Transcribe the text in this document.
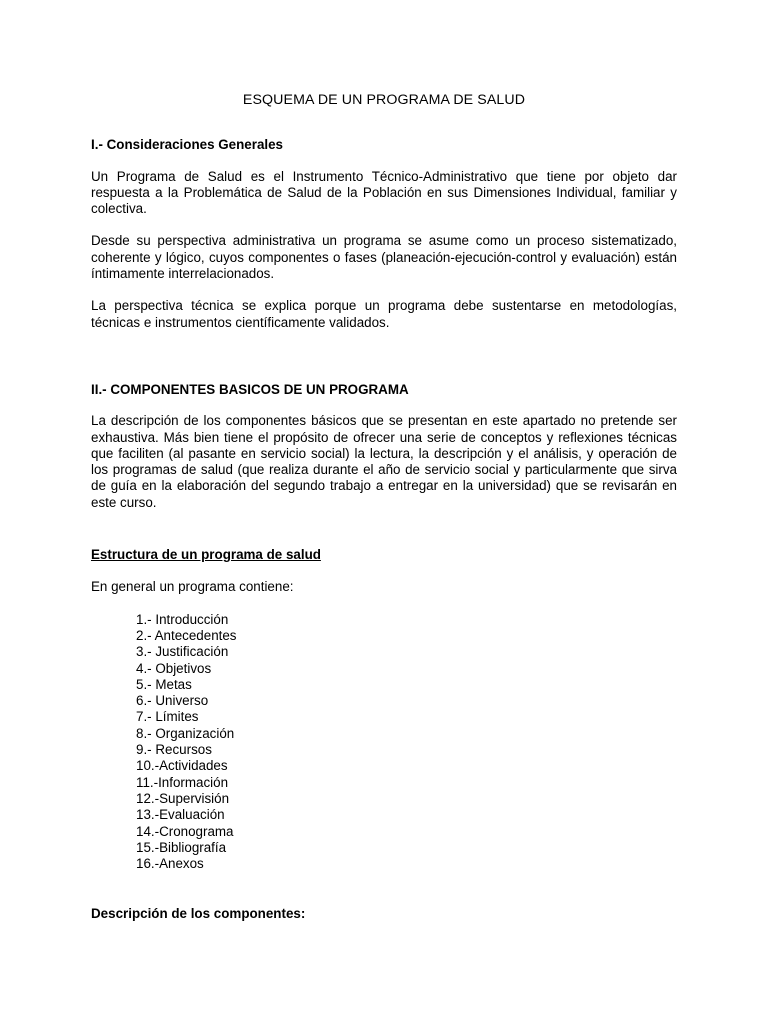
ESQUEMA DE UN PROGRAMA DE SALUD
I.- Consideraciones Generales

Un Programa de Salud es el Instrumento Técnico-Administrativo que tiene por objeto dar respuesta a la Problemática de Salud de la Población en sus Dimensiones Individual, familiar y colectiva.

Desde su perspectiva administrativa un programa se asume como un proceso sistematizado, coherente y lógico, cuyos componentes o fases (planeación-ejecución-control y evaluación) están íntimamente interrelacionados.

La perspectiva técnica se explica porque un programa debe sustentarse en metodologías, técnicas e instrumentos científicamente validados.

II.- COMPONENTES BASICOS DE UN PROGRAMA

La descripción de los componentes básicos que se presentan en este apartado no pretende ser exhaustiva. Más bien tiene el propósito de ofrecer una serie de conceptos y reflexiones técnicas que faciliten (al pasante en servicio social) la lectura, la descripción y el análisis, y operación de los programas de salud (que realiza durante el año de servicio social y particularmente que sirva de guía en la elaboración del segundo trabajo a entregar en la universidad) que se revisarán en este curso.

Estructura de un programa de salud
En general un programa contiene:
1.- Introducción
2.- Antecedentes
3.- Justificación
4.- Objetivos
5.- Metas
6.- Universo
7.- Límites
8.- Organización
9.- Recursos
10.-Actividades
11.-Información
12.-Supervisión
13.-Evaluación
14.-Cronograma
15.-Bibliografía
16.-Anexos
Descripción de los componentes:
